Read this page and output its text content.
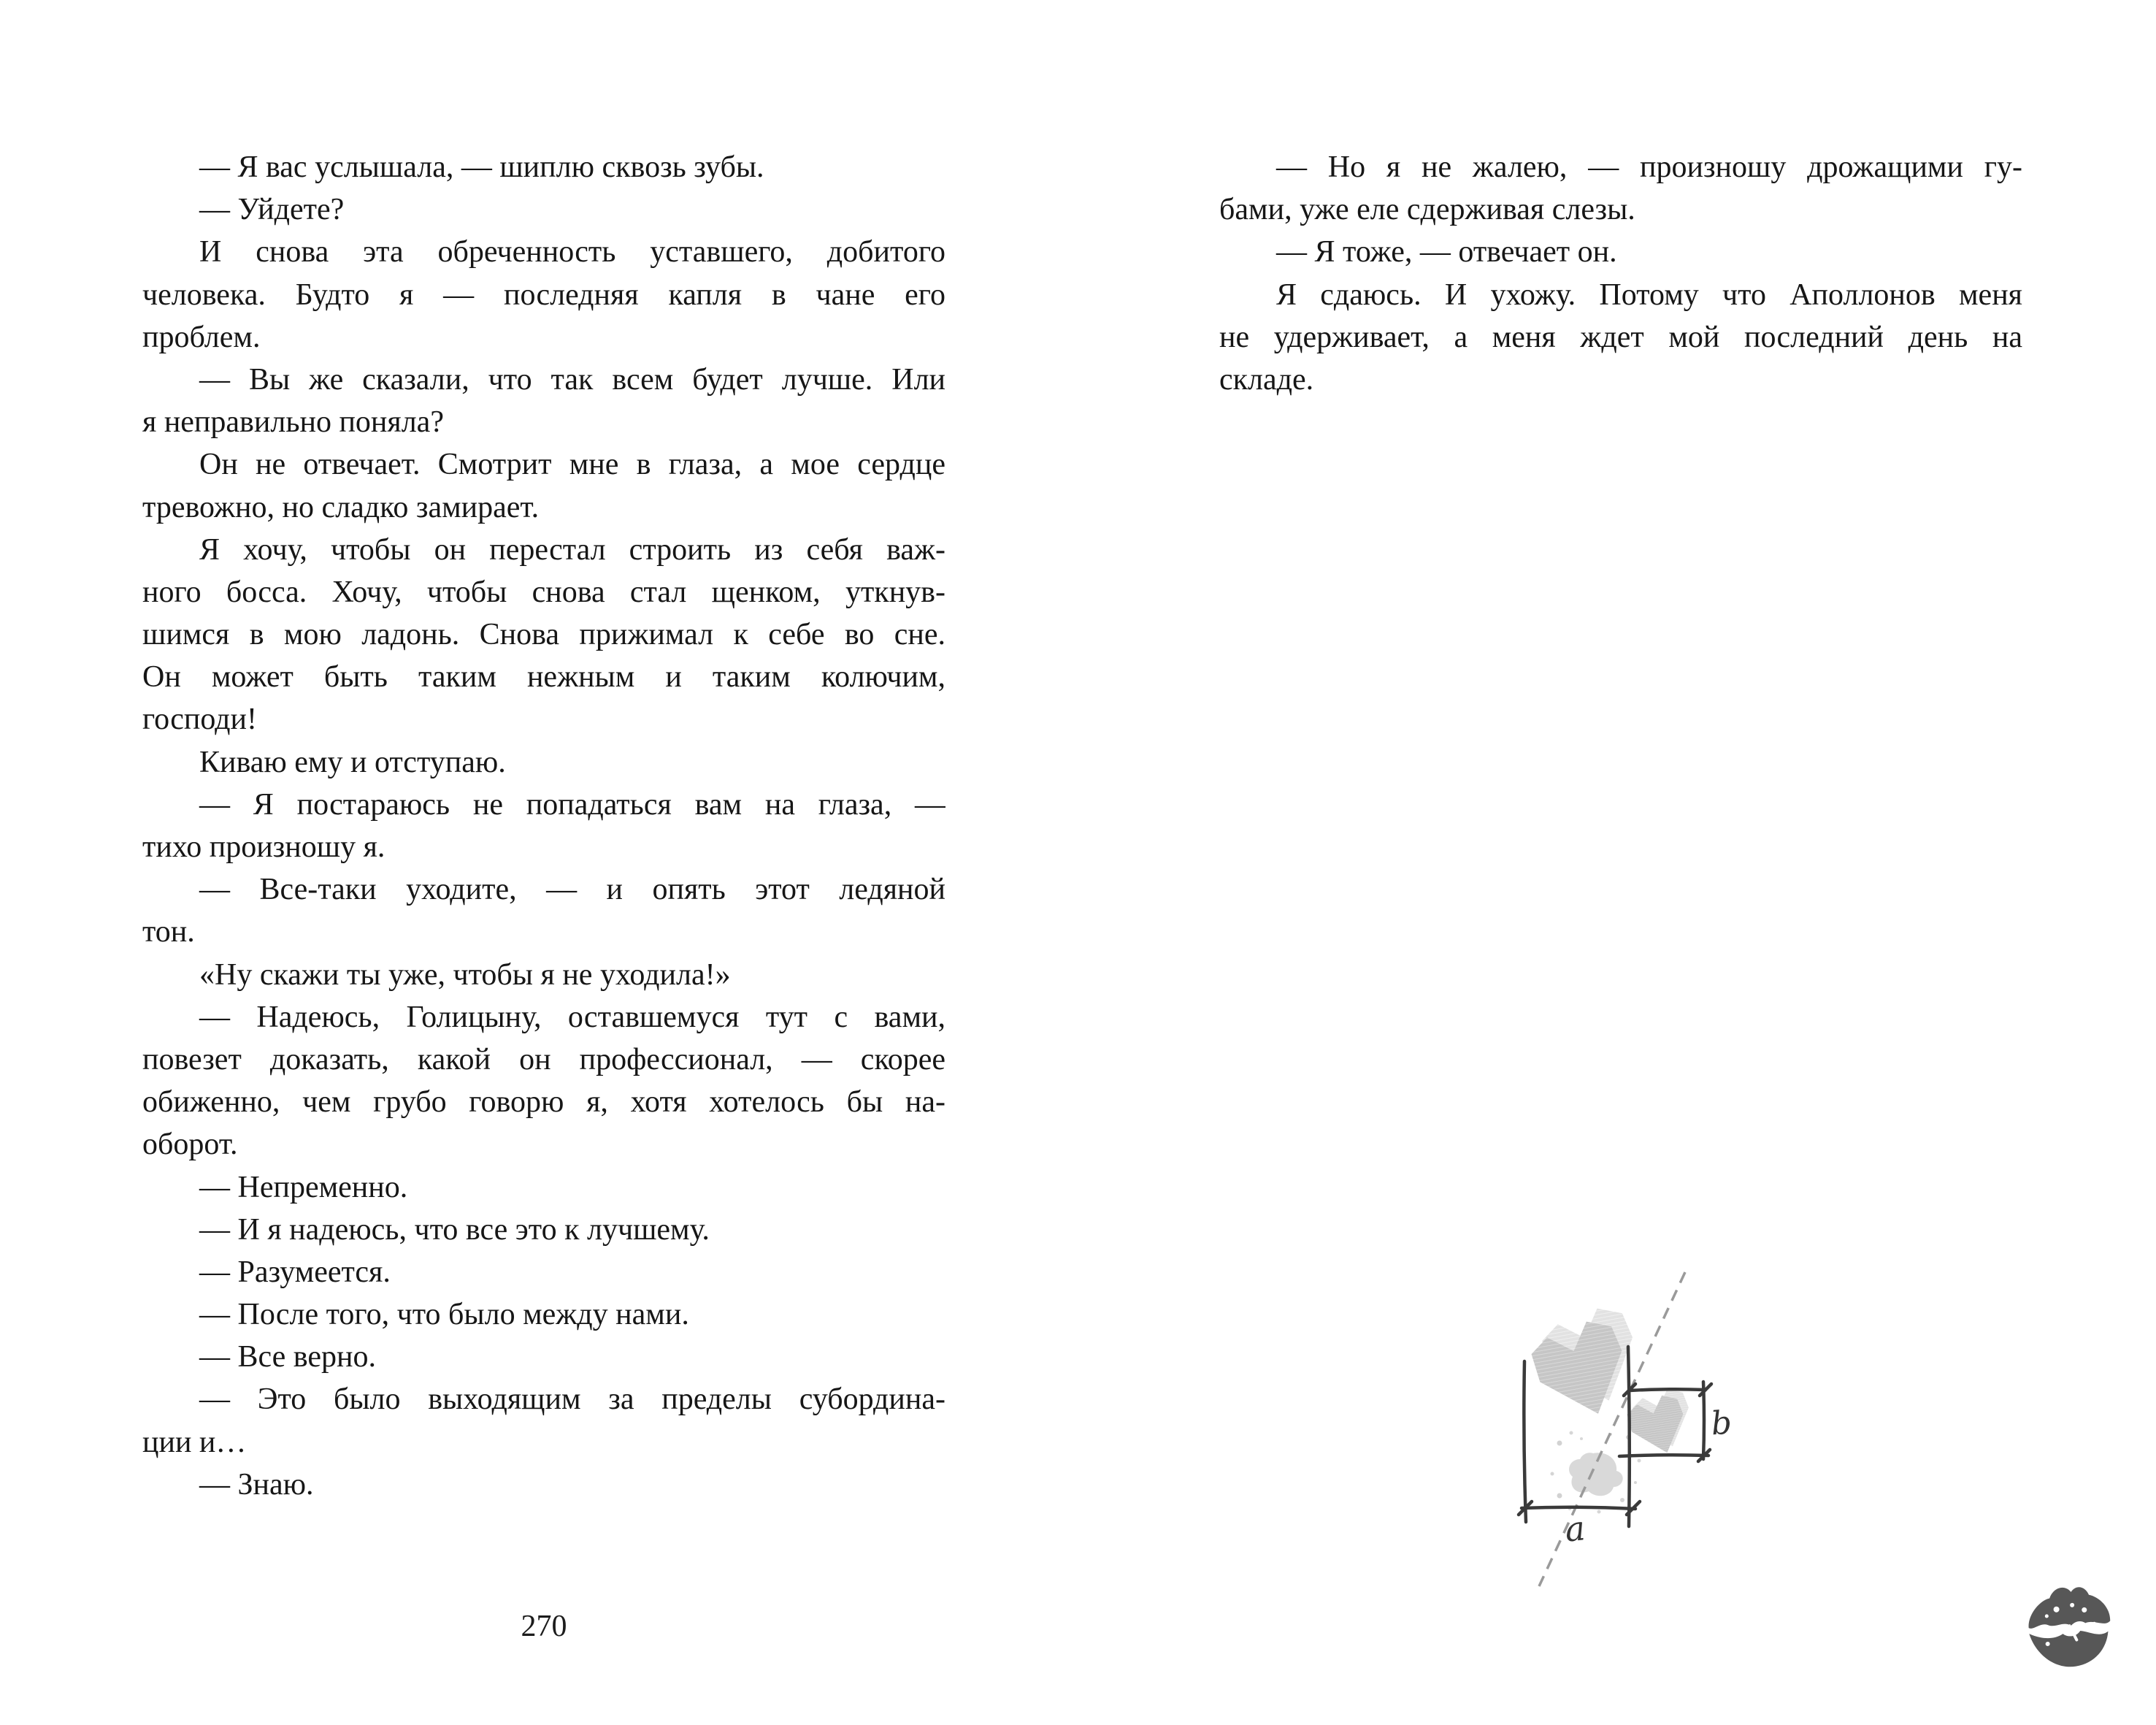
— Я вас услышала, — шиплю сквозь зубы.
— Уйдете?
И снова эта обреченность уставшего, добитого
человека. Будто я — последняя капля в чане его
проблем.
— Вы же сказали, что так всем будет лучше. Или
я неправильно поняла?
Он не отвечает. Смотрит мне в глаза, а мое сердце
тревожно, но сладко замирает.
Я хочу, чтобы он перестал строить из себя важ-
ного босса. Хочу, чтобы снова стал щенком, уткнув-
шимся в мою ладонь. Снова прижимал к себе во сне.
Он может быть таким нежным и таким колючим,
господи!
Киваю ему и отступаю.
— Я постараюсь не попадаться вам на глаза, —
тихо произношу я.
— Все-таки уходите, — и опять этот ледяной
тон.
«Ну скажи ты уже, чтобы я не уходила!»
— Надеюсь, Голицыну, оставшемуся тут с вами,
повезет доказать, какой он профессионал, — скорее
обиженно, чем грубо говорю я, хотя хотелось бы на-
оборот.
— Непременно.
— И я надеюсь, что все это к лучшему.
— Разумеется.
— После того, что было между нами.
— Все верно.
— Это было выходящим за пределы субордина-
ции и…
— Знаю.
270
— Но я не жалею, — произношу дрожащими гу-
бами, уже еле сдерживая слезы.
— Я тоже, — отвечает он.
Я сдаюсь. И ухожу. Потому что Аполлонов меня
не удерживает, а меня ждет мой последний день на
складе.
a
b
